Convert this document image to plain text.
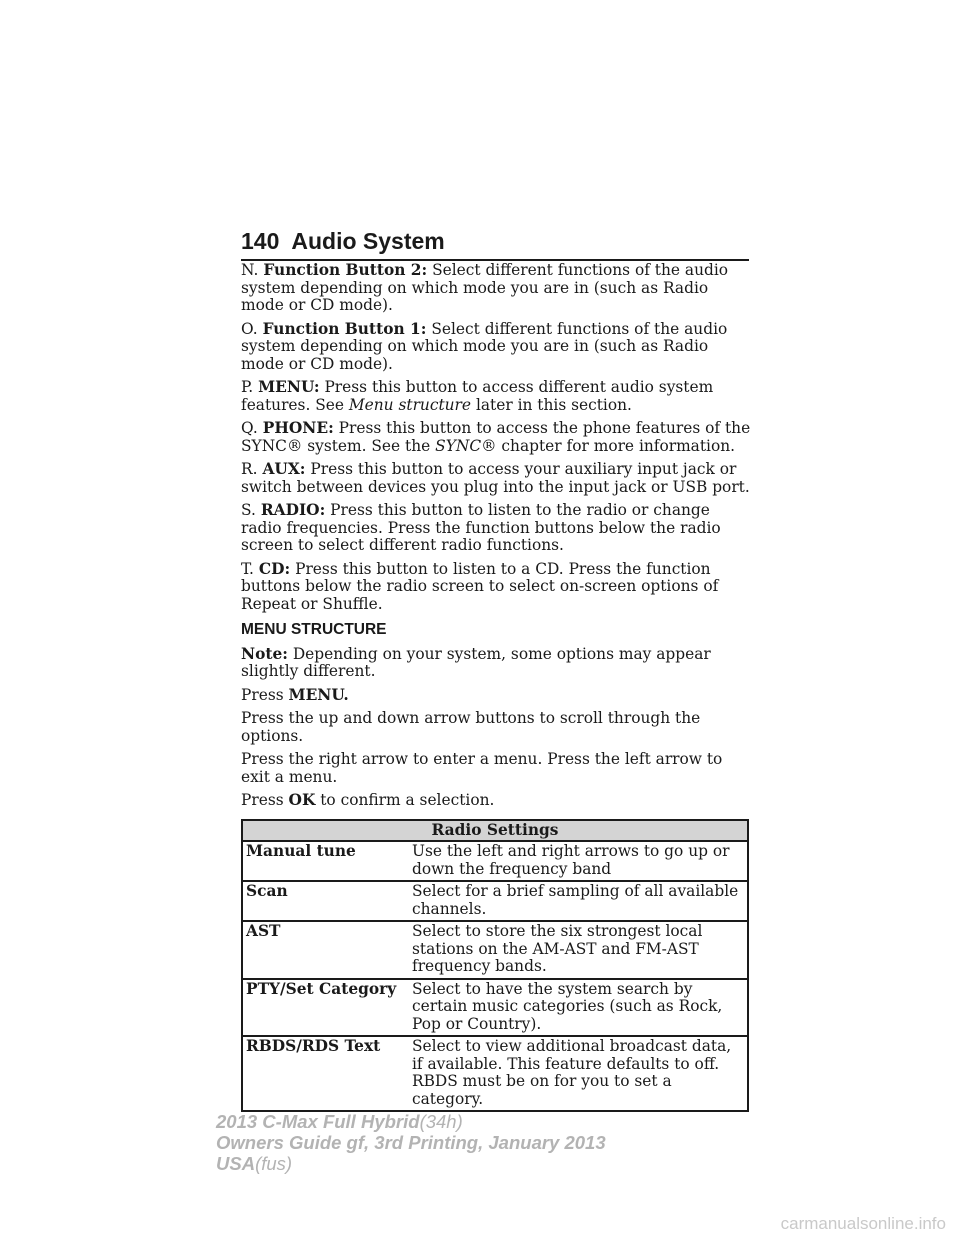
140 Audio System

N. Function Button 2: Select different functions of the audio system depending on which mode you are in (such as Radio mode or CD mode).

O. Function Button 1: Select different functions of the audio system depending on which mode you are in (such as Radio mode or CD mode).

P. MENU: Press this button to access different audio system features. See Menu structure later in this section.

Q. PHONE: Press this button to access the phone features of the SYNC® system. See the SYNC® chapter for more information.

R. AUX: Press this button to access your auxiliary input jack or switch between devices you plug into the input jack or USB port.

S. RADIO: Press this button to listen to the radio or change radio frequencies. Press the function buttons below the radio screen to select different radio functions.

T. CD: Press this button to listen to a CD. Press the function buttons below the radio screen to select on-screen options of Repeat or Shuffle.

MENU STRUCTURE

Note: Depending on your system, some options may appear slightly different.

Press MENU.

Press the up and down arrow buttons to scroll through the options.

Press the right arrow to enter a menu. Press the left arrow to exit a menu.

Press OK to confirm a selection.

Radio Settings	
Manual tune	Use the left and right arrows to go up or down the frequency band
Scan	Select for a brief sampling of all available channels.
AST	Select to store the six strongest local stations on the AM-AST and FM-AST frequency bands.
PTY/Set Category	Select to have the system search by certain music categories (such as Rock, Pop or Country).
RBDS/RDS Text	Select to view additional broadcast data, if available. This feature defaults to off. RBDS must be on for you to set a category.
2013 C-Max Full Hybrid(34h)
Owners Guide gf, 3rd Printing, January 2013
USA(fus)
carmanualsonline.info
